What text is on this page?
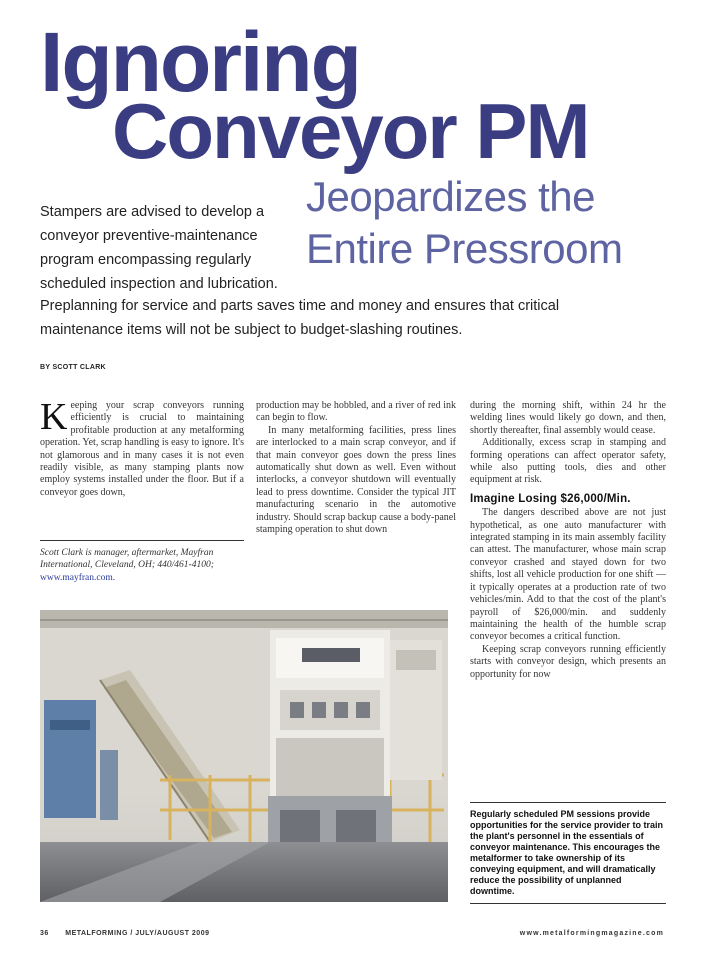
Ignoring
Conveyor PM
Jeopardizes the
Entire Pressroom
Stampers are advised to develop a conveyor preventive-maintenance program encompassing regularly scheduled inspection and lubrication.
Preplanning for service and parts saves time and money and ensures that critical maintenance items will not be subject to budget-slashing routines.
BY SCOTT CLARK

Keeping your scrap conveyors running efficiently is crucial to maintaining profitable production at any metalforming operation. Yet, scrap handling is easy to ignore. It's not glamorous and in many cases it is not even readily visible, as many stamping plants now employ systems installed under the floor. But if a conveyor goes down,

Scott Clark is manager, aftermarket, Mayfran International, Cleveland, OH; 440/461-4100; www.mayfran.com.

production may be hobbled, and a river of red ink can begin to flow.

In many metalforming facilities, press lines are interlocked to a main scrap conveyor, and if that main conveyor goes down the press lines automatically shut down as well. Even without interlocks, a conveyor shutdown will eventually lead to press downtime. Consider the typical JIT manufacturing scenario in the automotive industry. Should scrap backup cause a body-panel stamping operation to shut down

during the morning shift, within 24 hr the welding lines would likely go down, and then, shortly thereafter, final assembly would cease.

Additionally, excess scrap in stamping and forming operations can affect operator safety, while also putting tools, dies and other equipment at risk.

Imagine Losing $26,000/Min.

The dangers described above are not just hypothetical, as one auto manufacturer with integrated stamping in its main assembly facility can attest. The manufacturer, whose main scrap conveyor crashed and stayed down for two shifts, lost all vehicle production for one shift — it typically operates at a production rate of two vehicles/min. Add to that the cost of the plant's payroll of $26,000/min. and suddenly maintaining the health of the humble scrap conveyor becomes a critical function.

Keeping scrap conveyors running efficiently starts with conveyor design, which presents an opportunity for now

Regularly scheduled PM sessions provide opportunities for the service provider to train the plant's personnel in the essentials of conveyor maintenance. This encourages the metalformer to take ownership of its conveying equipment, and will dramatically reduce the possibility of unplanned downtime.
36 METALFORMING / JULY/AUGUST 2009	www.metalformingmagazine.com
